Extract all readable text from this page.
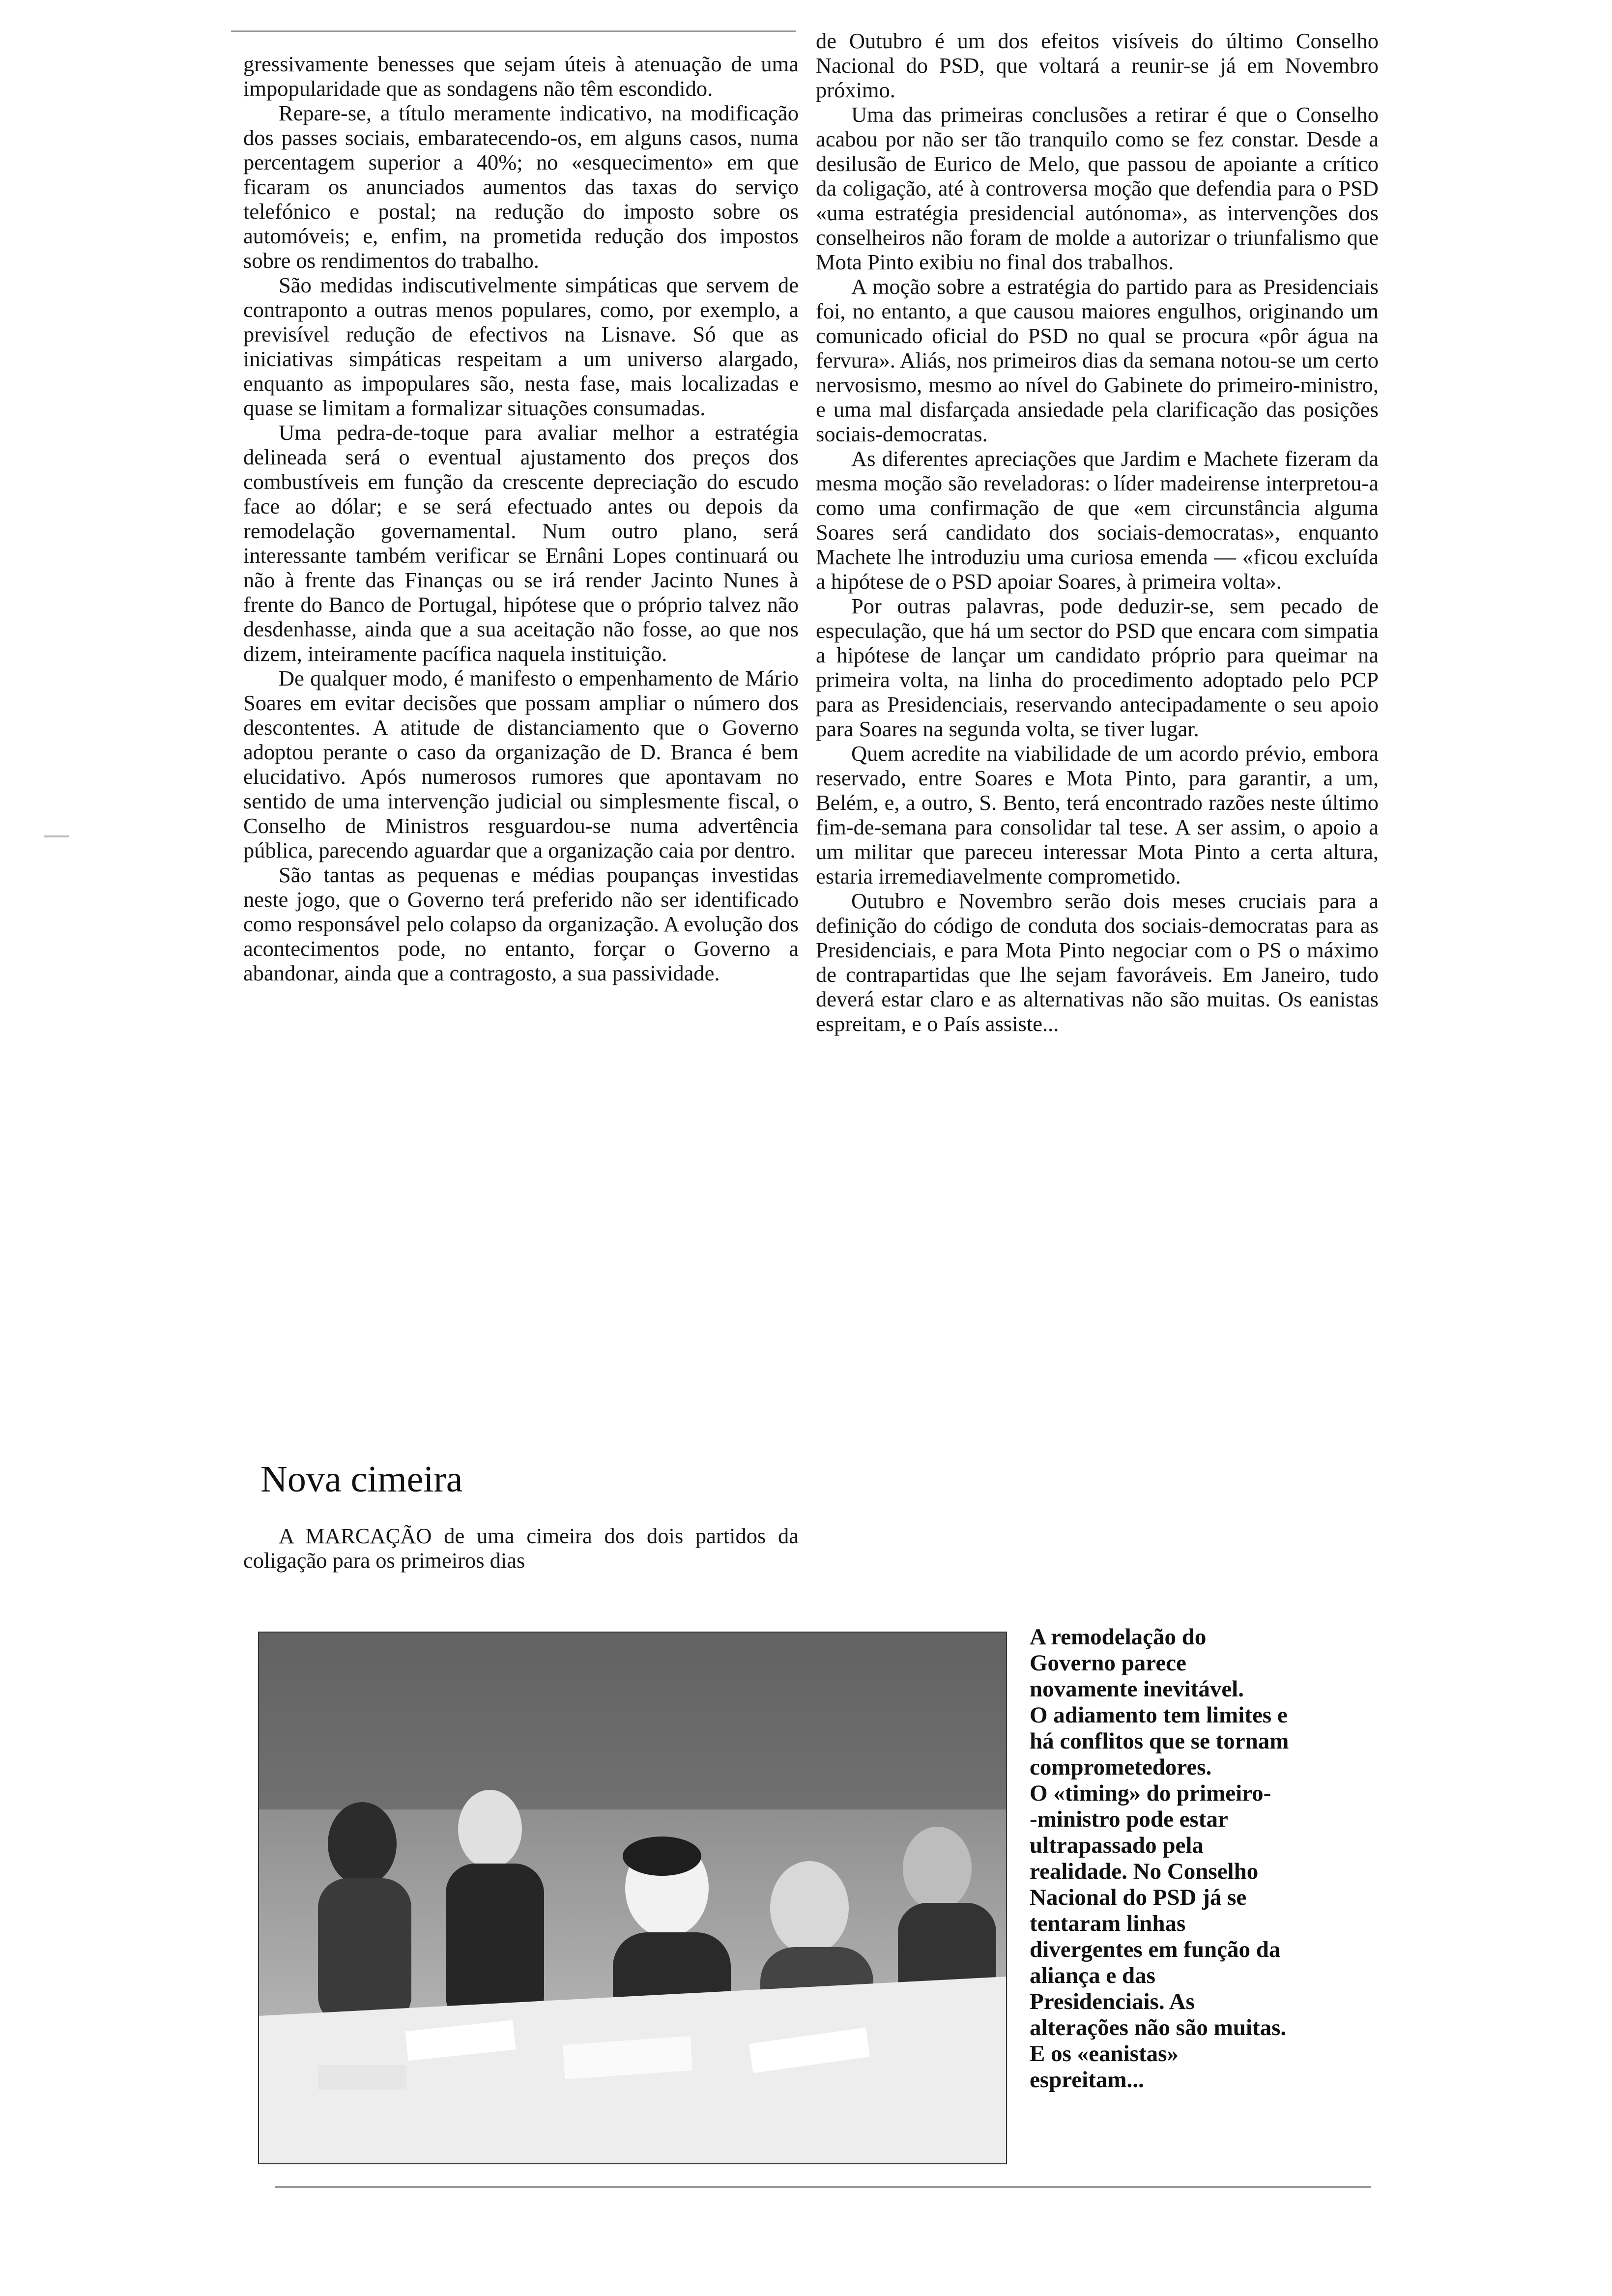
gressivamente benesses que sejam úteis à atenuação de uma impopularidade que as sondagens não têm escondido.

Repare-se, a título meramente indicativo, na modificação dos passes sociais, embaratecendo-os, em alguns casos, numa percentagem superior a 40%; no «esquecimento» em que ficaram os anunciados aumentos das taxas do serviço telefónico e postal; na redução do imposto sobre os automóveis; e, enfim, na prometida redução dos impostos sobre os rendimentos do trabalho.

São medidas indiscutivelmente simpáticas que servem de contraponto a outras menos populares, como, por exemplo, a previsível redução de efectivos na Lisnave. Só que as iniciativas simpáticas respeitam a um universo alargado, enquanto as impopulares são, nesta fase, mais localizadas e quase se limitam a formalizar situações consumadas.

Uma pedra-de-toque para avaliar melhor a estratégia delineada será o eventual ajustamento dos preços dos combustíveis em função da crescente depreciação do escudo face ao dólar; e se será efectuado antes ou depois da remodelação governamental. Num outro plano, será interessante também verificar se Ernâni Lopes continuará ou não à frente das Finanças ou se irá render Jacinto Nunes à frente do Banco de Portugal, hipótese que o próprio talvez não desdenhasse, ainda que a sua aceitação não fosse, ao que nos dizem, inteiramente pacífica naquela instituição.

De qualquer modo, é manifesto o empenhamento de Mário Soares em evitar decisões que possam ampliar o número dos descontentes. A atitude de distanciamento que o Governo adoptou perante o caso da organização de D. Branca é bem elucidativo. Após numerosos rumores que apontavam no sentido de uma intervenção judicial ou simplesmente fiscal, o Conselho de Ministros resguardou-se numa advertência pública, parecendo aguardar que a organização caia por dentro.

São tantas as pequenas e médias poupanças investidas neste jogo, que o Governo terá preferido não ser identificado como responsável pelo colapso da organização. A evolução dos acontecimentos pode, no entanto, forçar o Governo a abandonar, ainda que a contragosto, a sua passividade.

Nova cimeira

A MARCAÇÃO de uma cimeira dos dois partidos da coligação para os primeiros dias

de Outubro é um dos efeitos visíveis do último Conselho Nacional do PSD, que voltará a reunir-se já em Novembro próximo.

Uma das primeiras conclusões a retirar é que o Conselho acabou por não ser tão tranquilo como se fez constar. Desde a desilusão de Eurico de Melo, que passou de apoiante a crítico da coligação, até à controversa moção que defendia para o PSD «uma estratégia presidencial autónoma», as intervenções dos conselheiros não foram de molde a autorizar o triunfalismo que Mota Pinto exibiu no final dos trabalhos.

A moção sobre a estratégia do partido para as Presidenciais foi, no entanto, a que causou maiores engulhos, originando um comunicado oficial do PSD no qual se procura «pôr água na fervura». Aliás, nos primeiros dias da semana notou-se um certo nervosismo, mesmo ao nível do Gabinete do primeiro-ministro, e uma mal disfarçada ansiedade pela clarificação das posições sociais-democratas.

As diferentes apreciações que Jardim e Machete fizeram da mesma moção são reveladoras: o líder madeirense interpretou-a como uma confirmação de que «em circunstância alguma Soares será candidato dos sociais-democratas», enquanto Machete lhe introduziu uma curiosa emenda — «ficou excluída a hipótese de o PSD apoiar Soares, à primeira volta».

Por outras palavras, pode deduzir-se, sem pecado de especulação, que há um sector do PSD que encara com simpatia a hipótese de lançar um candidato próprio para queimar na primeira volta, na linha do procedimento adoptado pelo PCP para as Presidenciais, reservando antecipadamente o seu apoio para Soares na segunda volta, se tiver lugar.

Quem acredite na viabilidade de um acordo prévio, embora reservado, entre Soares e Mota Pinto, para garantir, a um, Belém, e, a outro, S. Bento, terá encontrado razões neste último fim-de-semana para consolidar tal tese. A ser assim, o apoio a um militar que pareceu interessar Mota Pinto a certa altura, estaria irremediavelmente comprometido.

Outubro e Novembro serão dois meses cruciais para a definição do código de conduta dos sociais-democratas para as Presidenciais, e para Mota Pinto negociar com o PS o máximo de contrapartidas que lhe sejam favoráveis. Em Janeiro, tudo deverá estar claro e as alternativas não são muitas. Os eanistas espreitam, e o País assiste...

A remodelação do
Governo parece
novamente inevitável.
O adiamento tem limites e
há conflitos que se tornam
comprometedores.
O «timing» do primeiro-
-ministro pode estar
ultrapassado pela
realidade. No Conselho
Nacional do PSD já se
tentaram linhas
divergentes em função da
aliança e das
Presidenciais. As
alterações não são muitas.
E os «eanistas»
espreitam...
